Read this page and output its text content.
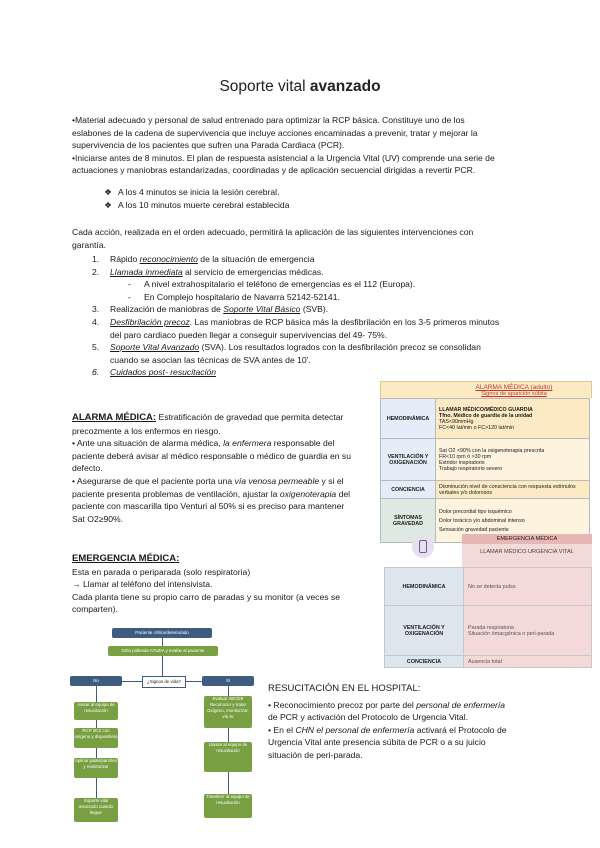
Soporte vital avanzado
•Material adecuado y personal de salud entrenado para optimizar la RCP básica. Constituye uno de los
eslabones de la cadena de supervivencia que incluye acciones encaminadas a prevenir, tratar y mejorar la
supervivencia de los pacientes que sufren una Parada Cardiaca (PCR).
•Iniciarse antes de 8 minutos. El plan de respuesta asistencial a la Urgencia Vital (UV) comprende una serie de
actuaciones y maniobras estandarizadas, coordinadas y de aplicación secuencial dirigidas a revertir PCR.
❖ A los 4 minutos se inicia la lesión cerebral.
❖ A los 10 minutos muerte cerebral establecida
Cada acción, realizada en el orden adecuado, permitirá la aplicación de las siguientes intervenciones con
garantía.
1. Rápido reconocimiento de la situación de emergencia
2. Llamada inmediata al servicio de emergencias médicas.
- A nivel extrahospitalario el teléfono de emergencias es el 112 (Europa).
- En Complejo hospitalario de Navarra 52142-52141.
3. Realización de maniobras de Soporte Vital Básico (SVB).
4. Desfibrilación precoz. Las maniobras de RCP básica más la desfibrilación en los 3-5 primeros minutos
del paro cardiaco pueden llegar a conseguir supervivencias del 49- 75%.
5. Soporte Vital Avanzado (SVA). Los resultados logrados con la desfibrilación precoz se consolidan
cuando se asocian las técnicas de SVA antes de 10'.
6. Cuidados post- resucitación
ALARMA MÉDICA: Estratificación de gravedad que permita detectar
precozmente a los enfermos en riesgo.
• Ante una situación de alarma médica, la enfermera responsable del
paciente deberá avisar al médico responsable o médico de guardia en su
defecto.
• Asegurarse de que el paciente porta una vía venosa permeable y si el
paciente presenta problemas de ventilación, ajustar la oxigenoterapia del
paciente con mascarilla tipo Venturi al 50% si es preciso para mantener
Sat O2≥90%.
EMERGENCIA MÉDICA:
Esta en parada o periparada (solo respiratoria)
→ Llamar al teléfono del intensivista.
Cada planta tiene su propio carro de paradas y su monitor (a veces se
comparten).
ALARMA MÉDICA (adulto)
Signos de aparición súbita
HEMODINÁMICA	LLAMAR MÉDICO/MÉDICO GUARDIA
Tfno. Médico de guardia de la unidad
TAS<90mmHg
FC<40 lat/min o FC>120 lat/min

VENTILACIÓN Y OXIGENACIÓN	Sat O2 <90% con la oxigenoterapia prescrita
FR<10 rpm ó >30 rpm
Estridor inspiratorio
Trabajo respiratorio severo

CONCIENCIA	Disminución nivel de consciencia con respuesta estímulos verbales y/o dolorosos

SÍNTOMAS GRAVEDAD	Dolor precordial tipo isquémico
Dolor torácico y/o abdominal intenso
Sensación gravedad paciente
EMERGENCIA MÉDICA
LLAMAR MÉDICO URGENCIA VITAL
HEMODINÁMICA	No se detecta pulso
VENTILACIÓN Y OXIGENACIÓN	Parada respiratoria
Situación ómacgénica o peri-parada
CONCIENCIA	Ausencia total
Paciente crítico/deteriorado
Grito pidiendo AYUDA y evalúe al paciente
No	Sí
¿Signos de vida?
Avisar al equipo de resucitación
RCP 30:2 con oxígeno y dispositivos
Aplicar palas/parches y monitorizar
Soporte vital avanzado cuando llegue
Evaluar ABCDE Reconocer y tratar Oxígeno, monitorizar, vía IV
Llamar al equipo de resucitación
Transferir al equipo de resucitación
RESUCITACIÓN EN EL HOSPITAL:
• Reconocimiento precoz por parte del personal de enfermería
de PCR y activación del Protocolo de Urgencia Vital.
• En el CHN el personal de enfermería activará el Protocolo de
Urgencia Vital ante presencia súbita de PCR o a su juicio
situación de peri-parada.
